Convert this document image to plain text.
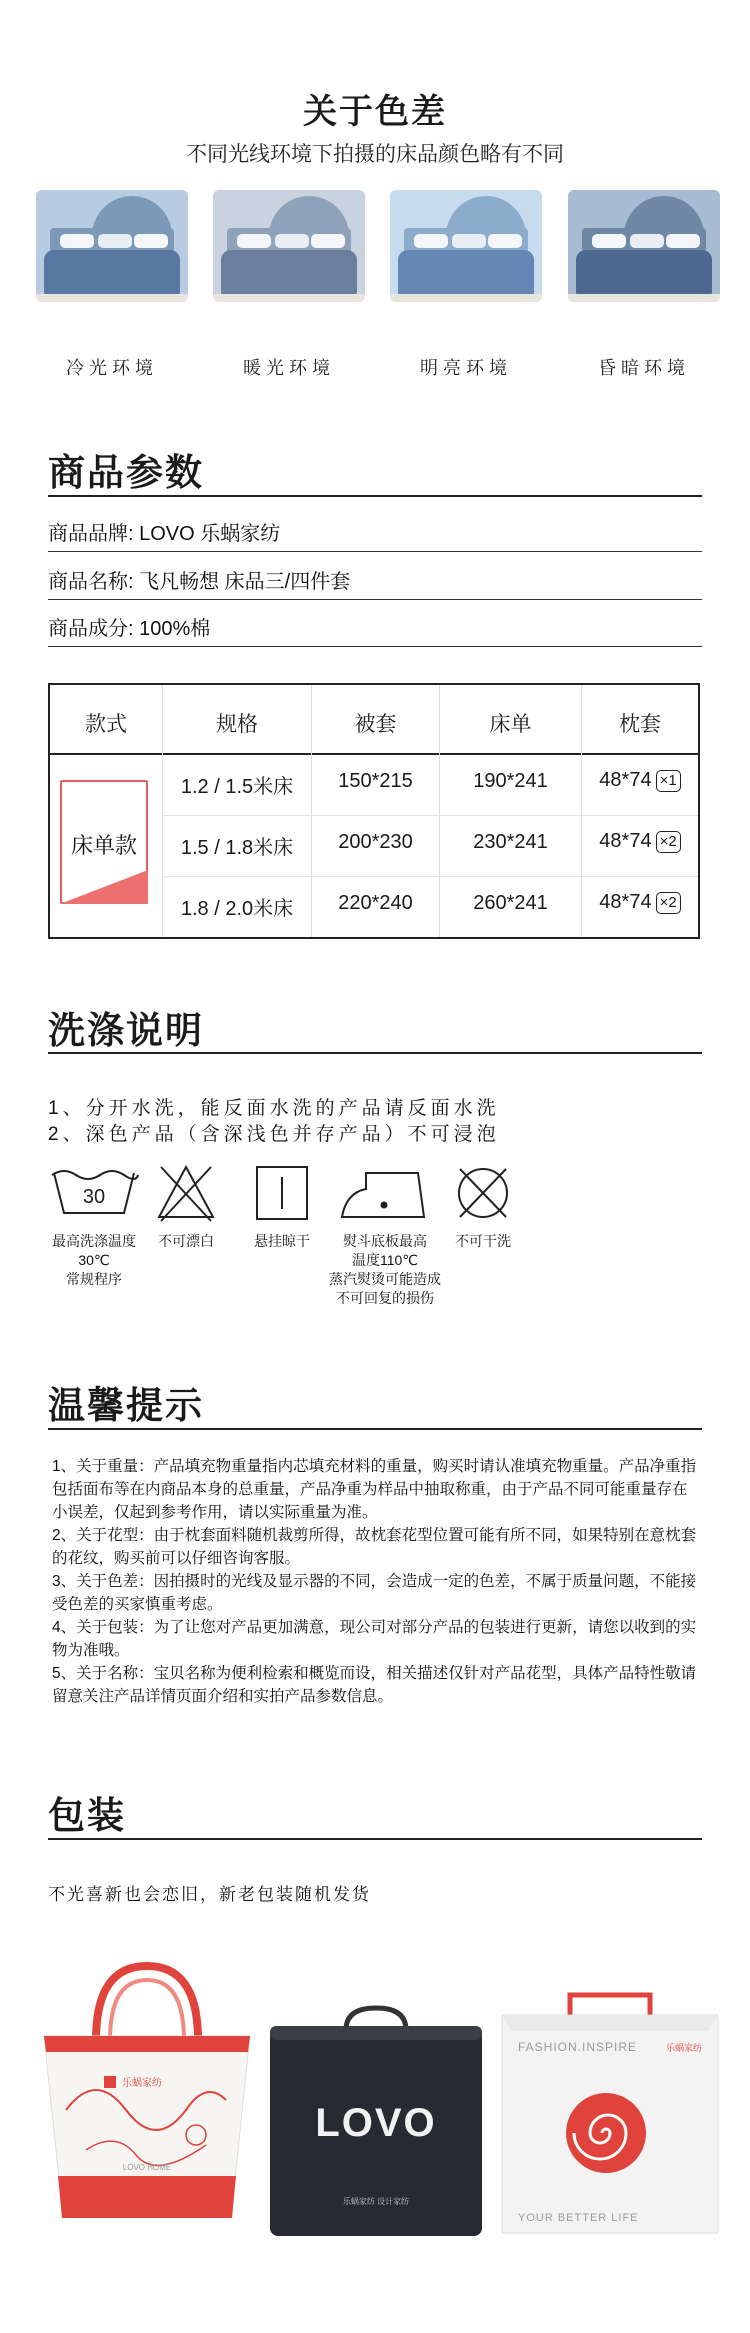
关于色差
不同光线环境下拍摄的床品颜色略有不同
冷光环境	暖光环境	明亮环境	昏暗环境
商品参数
商品品牌: LOVO 乐蜗家纺
商品名称: 飞凡畅想 床品三/四件套
商品成分: 100%棉
款式	规格	被套	床单	枕套
床单款
1.2 / 1.5米床	150*215	190*241	48*74 ×1
1.5 / 1.8米床	200*230	230*241	48*74 ×2
1.8 / 2.0米床	220*240	260*241	48*74 ×2
洗涤说明
1、分开水洗，能反面水洗的产品请反面水洗
2、深色产品（含深浅色并存产品）不可浸泡
30
最高洗涤温度
30℃
常规程序
不可漂白	悬挂晾干	熨斗底板最高
温度110℃
蒸汽熨烫可能造成
不可回复的损伤
不可干洗
温馨提示

1、关于重量：产品填充物重量指内芯填充材料的重量，购买时请认准填充物重量。产品净重指包括面布等在内商品本身的总重量，产品净重为样品中抽取称重，由于产品不同可能重量存在小误差，仅起到参考作用，请以实际重量为准。

2、关于花型：由于枕套面料随机裁剪所得，故枕套花型位置可能有所不同，如果特别在意枕套的花纹，购买前可以仔细咨询客服。

3、关于色差：因拍摄时的光线及显示器的不同，会造成一定的色差，不属于质量问题，不能接受色差的买家慎重考虑。

4、关于包装：为了让您对产品更加满意，现公司对部分产品的包装进行更新，请您以收到的实物为准哦。

5、关于名称：宝贝名称为便利检索和概览而设，相关描述仅针对产品花型，具体产品特性敬请留意关注产品详情页面介绍和实拍产品参数信息。

包装
不光喜新也会恋旧，新老包装随机发货
乐蜗家纺
LOVO HOME
LOVO
乐蜗家纺 设计家纺
FASHION.INSPIRE	乐蜗家纺
YOUR BETTER LIFE
